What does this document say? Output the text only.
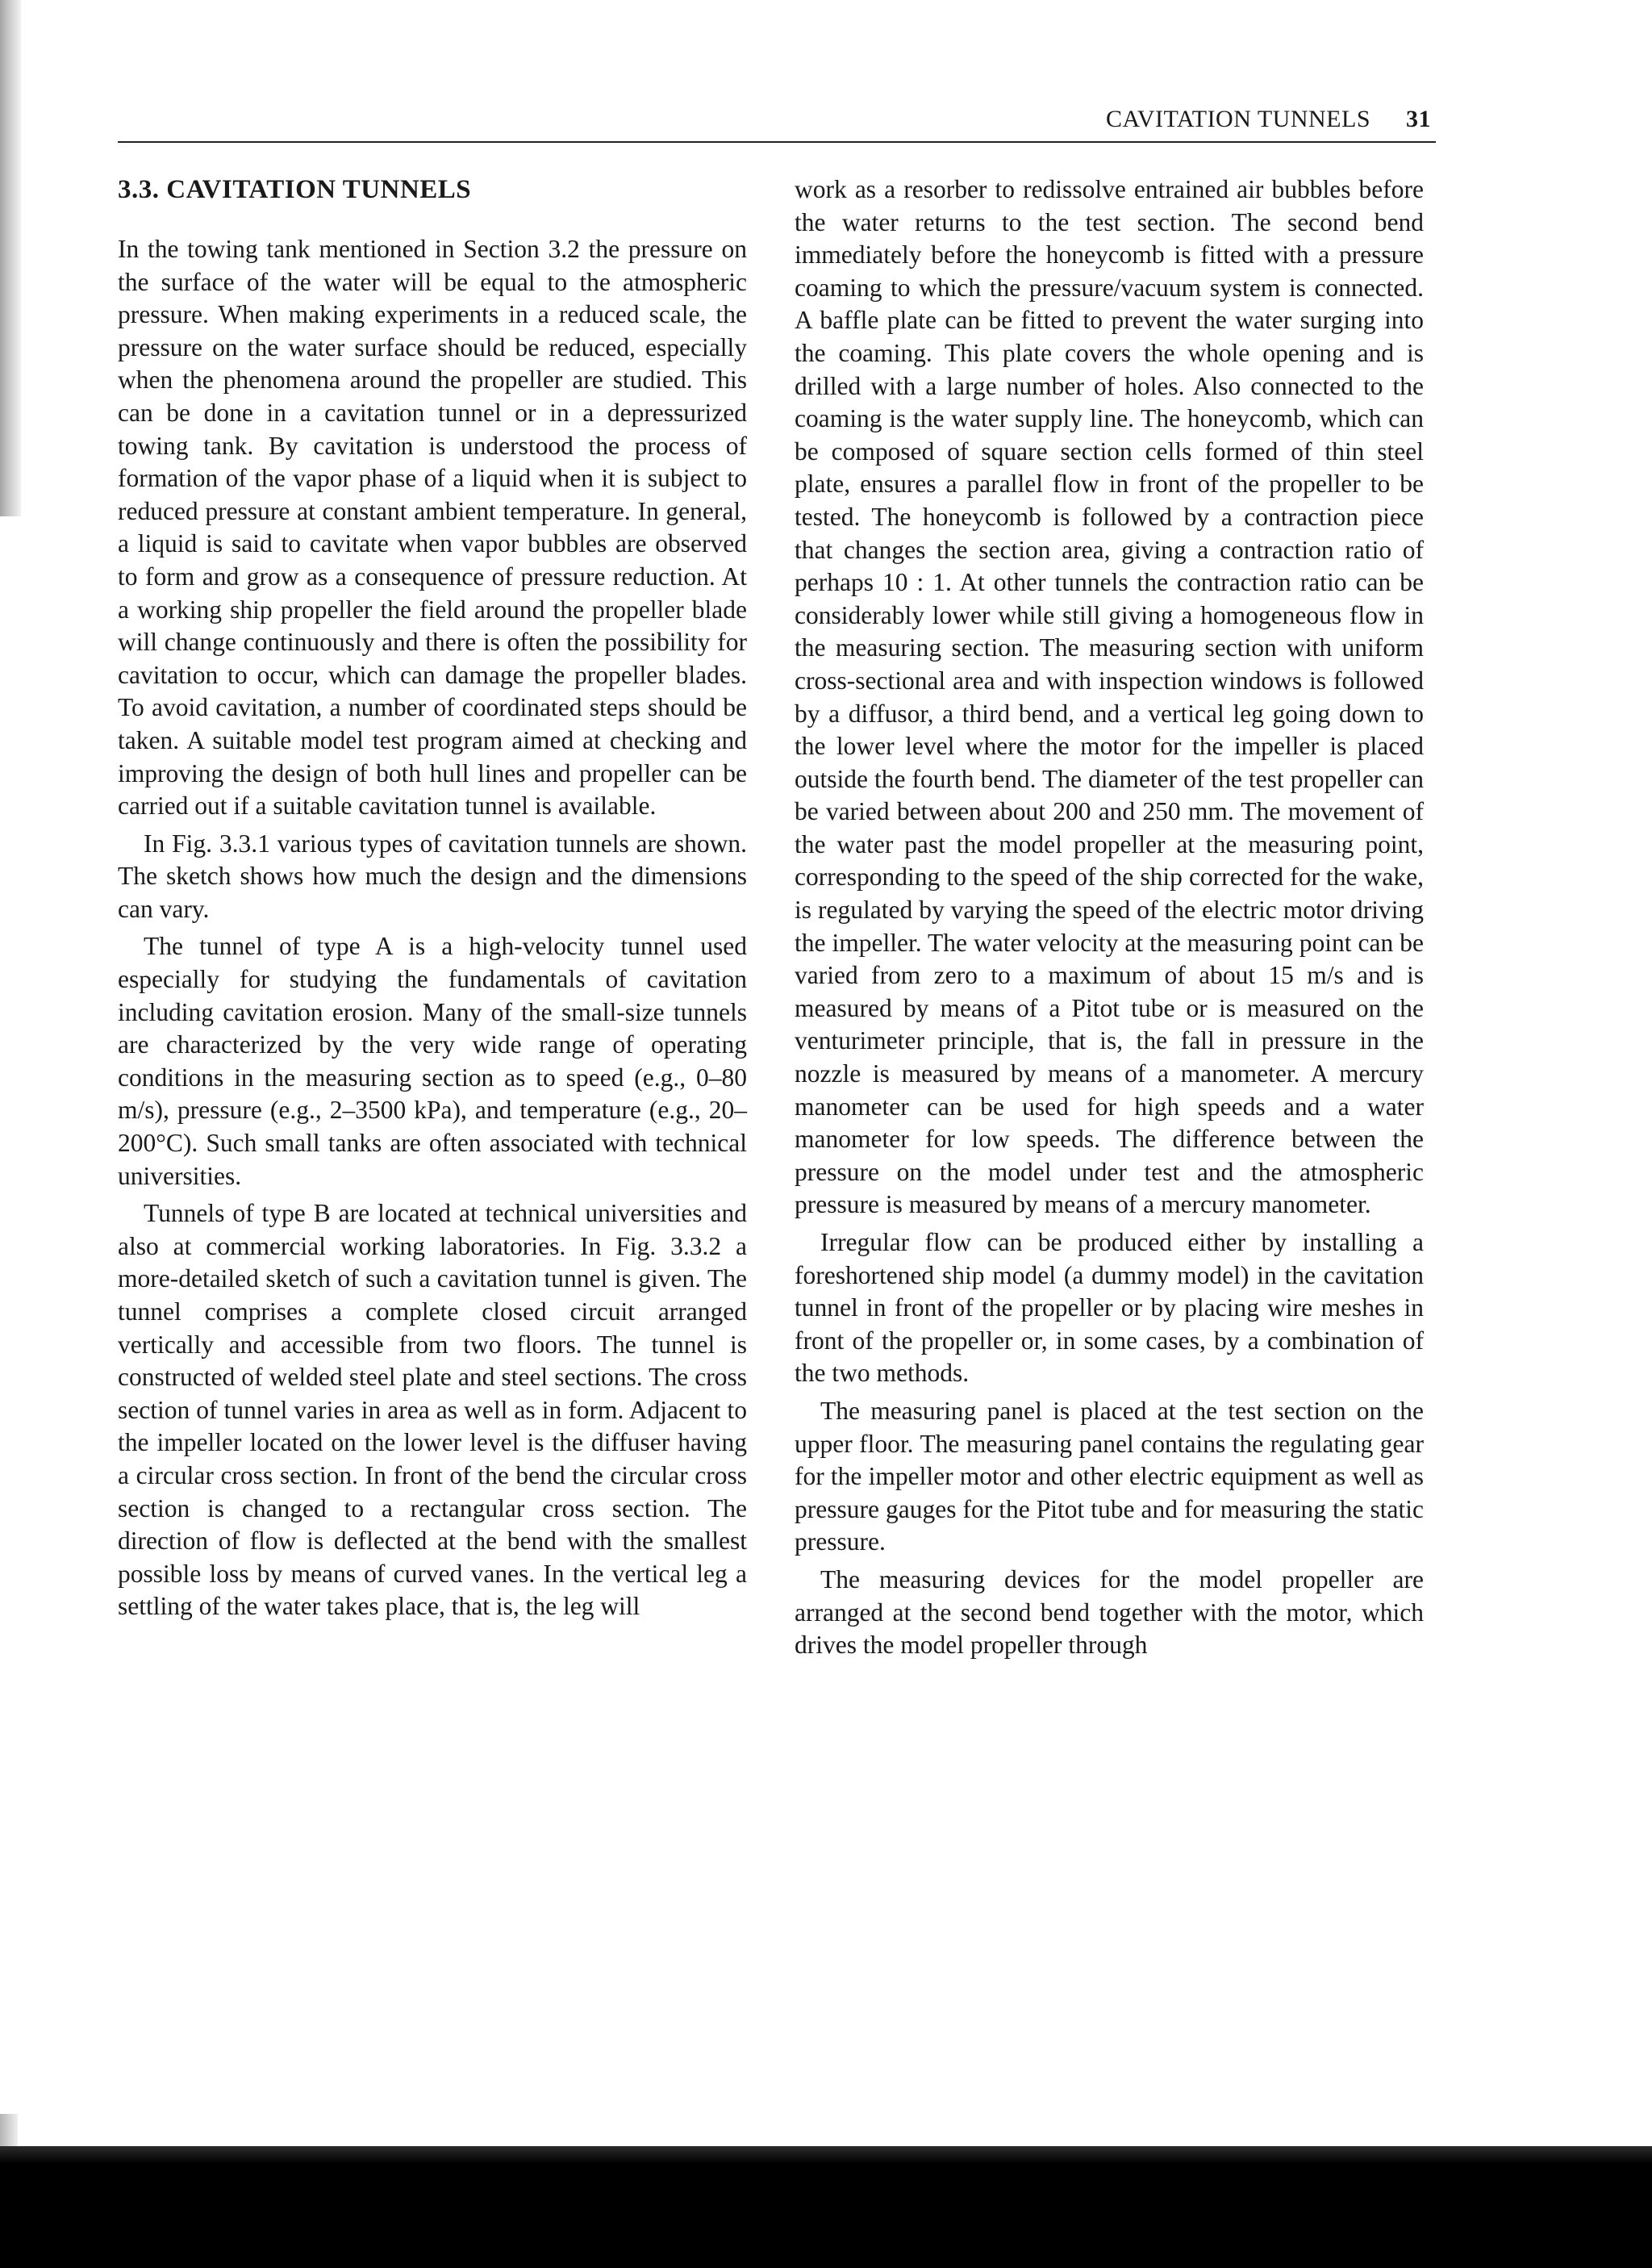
CAVITATION TUNNELS 31
3.3. CAVITATION TUNNELS

In the towing tank mentioned in Section 3.2 the pressure on the surface of the water will be equal to the atmospheric pressure. When making experiments in a reduced scale, the pressure on the water surface should be reduced, especially when the phenomena around the propeller are studied. This can be done in a cavitation tunnel or in a depressurized towing tank. By cavitation is understood the process of formation of the vapor phase of a liquid when it is subject to reduced pressure at constant ambient temperature. In general, a liquid is said to cavitate when vapor bubbles are observed to form and grow as a consequence of pressure reduction. At a working ship propeller the field around the propeller blade will change continuously and there is often the possibility for cavitation to occur, which can damage the propeller blades. To avoid cavitation, a number of coordinated steps should be taken. A suitable model test program aimed at checking and improving the design of both hull lines and propeller can be carried out if a suitable cavitation tunnel is available.

In Fig. 3.3.1 various types of cavitation tunnels are shown. The sketch shows how much the design and the dimensions can vary.

The tunnel of type A is a high-velocity tunnel used especially for studying the fundamentals of cavitation including cavitation erosion. Many of the small-size tunnels are characterized by the very wide range of operating conditions in the measuring section as to speed (e.g., 0–80 m/s), pressure (e.g., 2–3500 kPa), and temperature (e.g., 20–200°C). Such small tanks are often associated with technical universities.

Tunnels of type B are located at technical universities and also at commercial working laboratories. In Fig. 3.3.2 a more-detailed sketch of such a cavitation tunnel is given. The tunnel comprises a complete closed circuit arranged vertically and accessible from two floors. The tunnel is constructed of welded steel plate and steel sections. The cross section of tunnel varies in area as well as in form. Adjacent to the impeller located on the lower level is the diffuser having a circular cross section. In front of the bend the circular cross section is changed to a rectangular cross section. The direction of flow is deflected at the bend with the smallest possible loss by means of curved vanes. In the vertical leg a settling of the water takes place, that is, the leg will

work as a resorber to redissolve entrained air bubbles before the water returns to the test section. The second bend immediately before the honeycomb is fitted with a pressure coaming to which the pressure/vacuum system is connected. A baffle plate can be fitted to prevent the water surging into the coaming. This plate covers the whole opening and is drilled with a large number of holes. Also connected to the coaming is the water supply line. The honeycomb, which can be composed of square section cells formed of thin steel plate, ensures a parallel flow in front of the propeller to be tested. The honeycomb is followed by a contraction piece that changes the section area, giving a contraction ratio of perhaps 10 : 1. At other tunnels the contraction ratio can be considerably lower while still giving a homogeneous flow in the measuring section. The measuring section with uniform cross-sectional area and with inspection windows is followed by a diffusor, a third bend, and a vertical leg going down to the lower level where the motor for the impeller is placed outside the fourth bend. The diameter of the test propeller can be varied between about 200 and 250 mm. The movement of the water past the model propeller at the measuring point, corresponding to the speed of the ship corrected for the wake, is regulated by varying the speed of the electric motor driving the impeller. The water velocity at the measuring point can be varied from zero to a maximum of about 15 m/s and is measured by means of a Pitot tube or is measured on the venturimeter principle, that is, the fall in pressure in the nozzle is measured by means of a manometer. A mercury manometer can be used for high speeds and a water manometer for low speeds. The difference between the pressure on the model under test and the atmospheric pressure is measured by means of a mercury manometer.

Irregular flow can be produced either by installing a foreshortened ship model (a dummy model) in the cavitation tunnel in front of the propeller or by placing wire meshes in front of the propeller or, in some cases, by a combination of the two methods.

The measuring panel is placed at the test section on the upper floor. The measuring panel contains the regulating gear for the impeller motor and other electric equipment as well as pressure gauges for the Pitot tube and for measuring the static pressure.

The measuring devices for the model propeller are arranged at the second bend together with the motor, which drives the model propeller through
